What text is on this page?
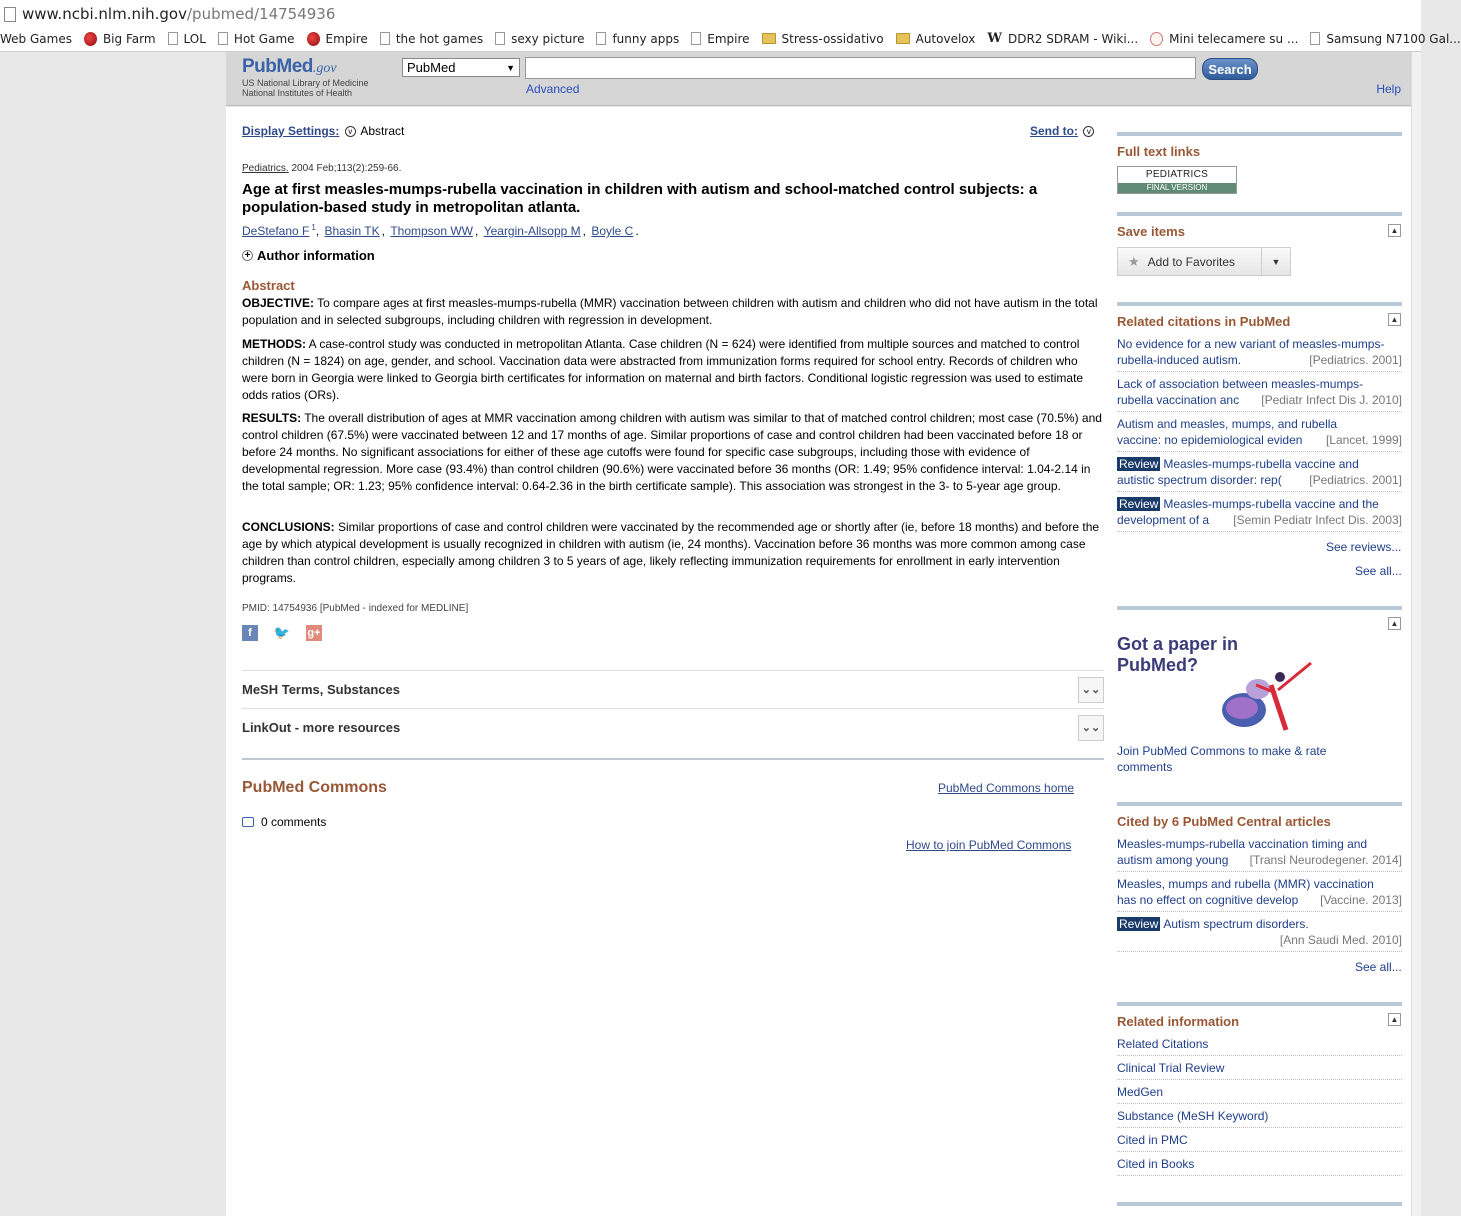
www.ncbi.nlm.nih.gov /pubmed/14754936
Web Games	Big Farm LOL Hot Game	Empire the hot games sexy picture funny apps Empire	Stress-ossidativo	Autovelox W DDR2 SDRAM - Wiki...	Mini telecamere su ... Samsung N7100 Gal...
PubMed.gov
US National Library of Medicine
National Institutes of Health
PubMed	▼	Search
Advanced	Help
Display Settings: v Abstract	Send to: v
Pediatrics. 2004 Feb;113(2):259-66.
Age at first measles-mumps-rubella vaccination in children with autism and school-matched control subjects: a population-based study in metropolitan atlanta.
DeStefano F $^1$, Bhasin TK , Thompson WW , Yeargin-Allsopp M , Boyle C .
+ Author information
Abstract
OBJECTIVE: To compare ages at first measles-mumps-rubella (MMR) vaccination between children with autism and children who did not have autism in the total population and in selected subgroups, including children with regression in development.
METHODS: A case-control study was conducted in metropolitan Atlanta. Case children (N = 624) were identified from multiple sources and matched to control children (N = 1824) on age, gender, and school. Vaccination data were abstracted from immunization forms required for school entry. Records of children who were born in Georgia were linked to Georgia birth certificates for information on maternal and birth factors. Conditional logistic regression was used to estimate odds ratios (ORs).
RESULTS: The overall distribution of ages at MMR vaccination among children with autism was similar to that of matched control children; most case (70.5%) and control children (67.5%) were vaccinated between 12 and 17 months of age. Similar proportions of case and control children had been vaccinated before 18 or before 24 months. No significant associations for either of these age cutoffs were found for specific case subgroups, including those with evidence of developmental regression. More case (93.4%) than control children (90.6%) were vaccinated before 36 months (OR: 1.49; 95% confidence interval: 1.04-2.14 in the total sample; OR: 1.23; 95% confidence interval: 0.64-2.36 in the birth certificate sample). This association was strongest in the 3- to 5-year age group.
CONCLUSIONS: Similar proportions of case and control children were vaccinated by the recommended age or shortly after (ie, before 18 months) and before the age by which atypical development is usually recognized in children with autism (ie, 24 months). Vaccination before 36 months was more common among case children than control children, especially among children 3 to 5 years of age, likely reflecting immunization requirements for enrollment in early intervention programs.
PMID: 14754936 [PubMed - indexed for MEDLINE]
f	🐦 g+
MeSH Terms, Substances	⌄⌄
LinkOut - more resources	⌄⌄
PubMed Commons	PubMed Commons home
0 comments
How to join PubMed Commons
Full text links
PEDIATRICS
FINAL VERSION
Save items	▲
★ Add to Favorites	▼
Related citations in PubMed	▲
No evidence for a new variant of measles-mumps-
[Pediatrics. 2001]
rubella-induced autism.
Lack of association between measles-mumps-
[Pediatr Infect Dis J. 2010]
rubella vaccination anc
Autism and measles, mumps, and rubella
[Lancet. 1999]
vaccine: no epidemiological eviden
Review Measles-mumps-rubella vaccine and
[Pediatrics. 2001]
autistic spectrum disorder: rep(
Review Measles-mumps-rubella vaccine and the
[Semin Pediatr Infect Dis. 2003]
development of a
See reviews...
See all...
▲
Got a paper in
PubMed?
Join PubMed Commons to make & rate comments
Cited by 6 PubMed Central articles
Measles-mumps-rubella vaccination timing and
[Transl Neurodegener. 2014]
autism among young
Measles, mumps and rubella (MMR) vaccination
[Vaccine. 2013]
has no effect on cognitive develop
Review Autism spectrum disorders.
[Ann Saudi Med. 2010]
See all...
Related information	▲
Related Citations
Clinical Trial Review
MedGen
Substance (MeSH Keyword)
Cited in PMC
Cited in Books
